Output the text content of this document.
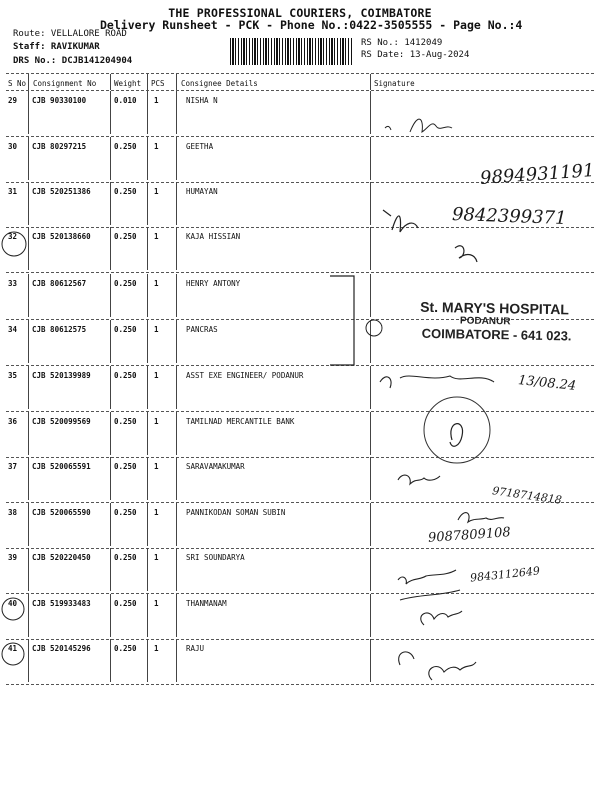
THE PROFESSIONAL COURIERS, COIMBATORE
Delivery Runsheet - PCK - Phone No.:0422-3505555 - Page No.:4
Route: VELLALORE ROAD
Staff: RAVIKUMAR
DRS No.: DCJB141204904
RS No.: 1412049
RS Date: 13-Aug-2024
S No Consignment No Weight PCS Consignee Details	Signature
29 CJB 90330100	0.010 1	NISHA N
30 CJB 80297215	0.250 1	GEETHA
31 CJB 520251386	0.250 1	HUMAYAN
32 CJB 520138660	0.250 1	KAJA HISSIAN
33 CJB 80612567	0.250 1	HENRY ANTONY
34 CJB 80612575	0.250 1	PANCRAS
35 CJB 520139989	0.250 1	ASST EXE ENGINEER/ PODANUR
36 CJB 520099569	0.250 1	TAMILNAD MERCANTILE BANK
37 CJB 520065591	0.250 1	SARAVAMAKUMAR
38 CJB 520065590	0.250 1	PANNIKODAN SOMAN SUBIN
39 CJB 520220450	0.250 1	SRI SOUNDARYA
40 CJB 519933483	0.250 1	THANMANAM
41 CJB 520145296	0.250 1	RAJU
9894931191
9842399371
13/08.24
9718714818
9087809108
9843112649
St. MARY'S HOSPITAL
PODANUR
COIMBATORE - 641 023.
